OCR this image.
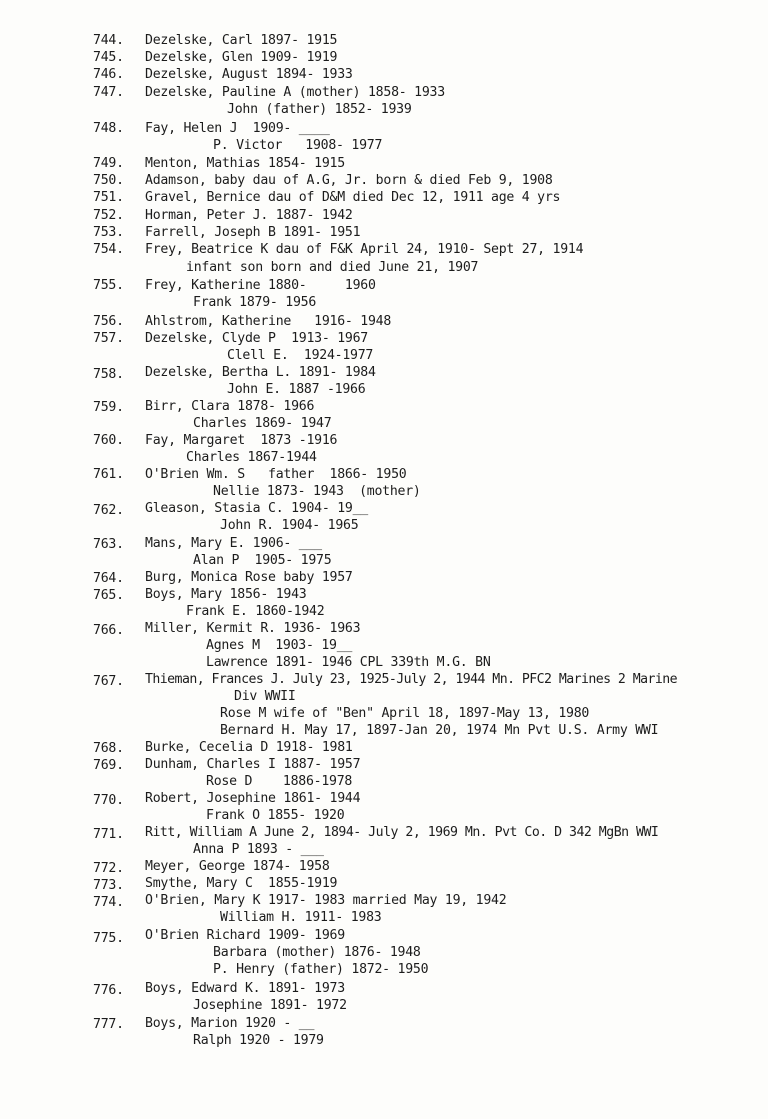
744.	Dezelske, Carl 1897- 1915
745.	Dezelske, Glen 1909- 1919
746.	Dezelske, August 1894- 1933
747.	Dezelske, Pauline A (mother) 1858- 1933
John (father) 1852- 1939
748.	Fay, Helen J  1909- ____
P. Victor   1908- 1977
749.	Menton, Mathias 1854- 1915
750.	Adamson, baby dau of A.G, Jr. born & died Feb 9, 1908
751.	Gravel, Bernice dau of D&M died Dec 12, 1911 age 4 yrs
752.	Horman, Peter J. 1887- 1942
753.	Farrell, Joseph B 1891- 1951
754.	Frey, Beatrice K dau of F&K April 24, 1910- Sept 27, 1914
infant son born and died June 21, 1907
755.	Frey, Katherine 1880-     1960
Frank 1879- 1956
756.	Ahlstrom, Katherine   1916- 1948
757.	Dezelske, Clyde P  1913- 1967
Clell E.  1924-1977
758.	Dezelske, Bertha L. 1891- 1984
John E. 1887 -1966
759.	Birr, Clara 1878- 1966
Charles 1869- 1947
760.	Fay, Margaret  1873 -1916
Charles 1867-1944
761.	O'Brien Wm. S   father  1866- 1950
Nellie 1873- 1943  (mother)
762.	Gleason, Stasia C. 1904- 19__
John R. 1904- 1965
763.	Mans, Mary E. 1906- ___
Alan P  1905- 1975
764.	Burg, Monica Rose baby 1957
765.	Boys, Mary 1856- 1943
Frank E. 1860-1942
766.	Miller, Kermit R. 1936- 1963
Agnes M  1903- 19__
Lawrence 1891- 1946 CPL 339th M.G. BN
767.	Thieman, Frances J. July 23, 1925-July 2, 1944 Mn. PFC2 Marines 2 Marine
Div WWII
Rose M wife of "Ben" April 18, 1897-May 13, 1980
Bernard H. May 17, 1897-Jan 20, 1974 Mn Pvt U.S. Army WWI
768.	Burke, Cecelia D 1918- 1981
769.	Dunham, Charles I 1887- 1957
Rose D    1886-1978
770.	Robert, Josephine 1861- 1944
Frank O 1855- 1920
771.	Ritt, William A June 2, 1894- July 2, 1969 Mn. Pvt Co. D 342 MgBn WWI
Anna P 1893 - ___
772.	Meyer, George 1874- 1958
773.	Smythe, Mary C  1855-1919
774.	O'Brien, Mary K 1917- 1983 married May 19, 1942
William H. 1911- 1983
775.	O'Brien Richard 1909- 1969
Barbara (mother) 1876- 1948
P. Henry (father) 1872- 1950
776.	Boys, Edward K. 1891- 1973
Josephine 1891- 1972
777.	Boys, Marion 1920 - __
Ralph 1920 - 1979
